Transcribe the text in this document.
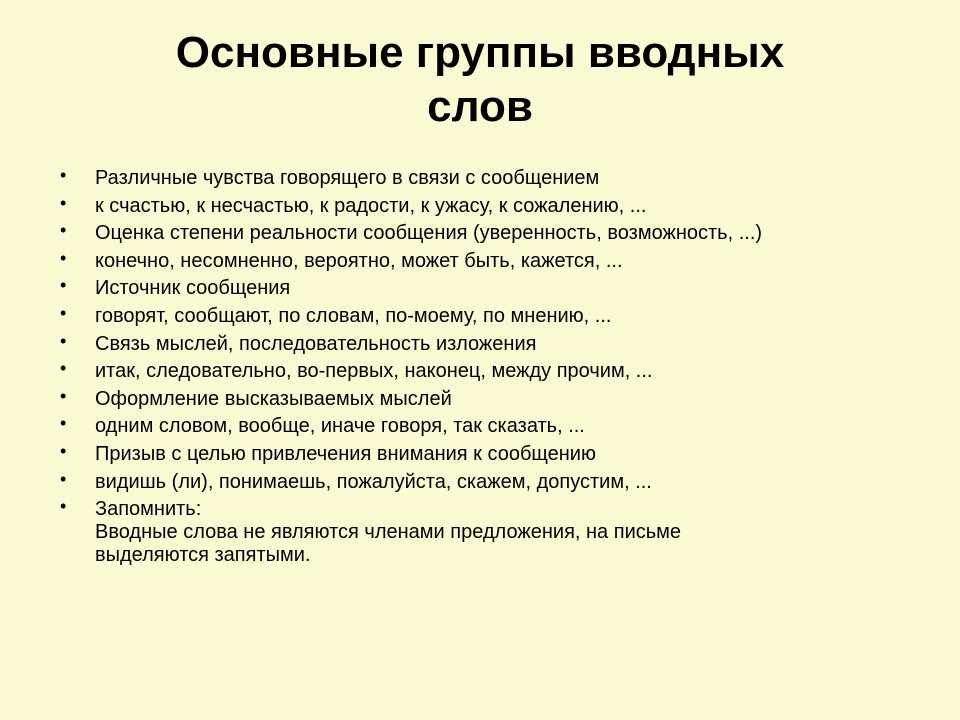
Основные группы вводных
слов
• Различные чувства говорящего в связи с сообщением
• к счастью, к несчастью, к радости, к ужасу, к сожалению, ...
• Оценка степени реальности сообщения (уверенность, возможность, ...)
• конечно, несомненно, вероятно, может быть, кажется, ...
• Источник сообщения
• говорят, сообщают, по словам, по-моему, по мнению, ...
• Связь мыслей, последовательность изложения
• итак, следовательно, во-первых, наконец, между прочим, ...
• Оформление высказываемых мыслей
• одним словом, вообще, иначе говоря, так сказать, ...
• Призыв с целью привлечения внимания к сообщению
• видишь (ли), понимаешь, пожалуйста, скажем, допустим, ...
• Запомнить:
Вводные слова не являются членами предложения, на письме
выделяются запятыми.
